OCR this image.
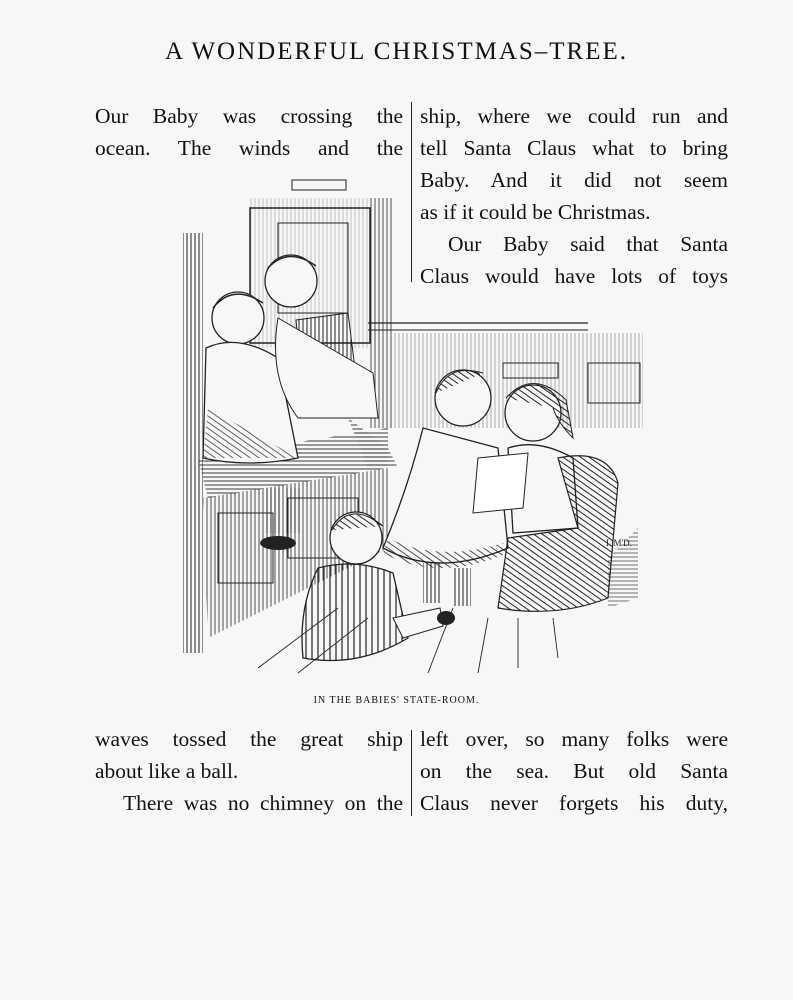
A WONDERFUL CHRISTMAS–TREE.

Our Baby was crossing the

ocean. The winds and the

ship, where we could run and

tell Santa Claus what to bring

Baby. And it did not seem

as if it could be Christmas.

Our Baby said that Santa

Claus would have lots of toys

I. M'D.
IN THE BABIES' STATE-ROOM.

waves tossed the great ship

about like a ball.

There was no chimney on the

left over, so many folks were

on the sea. But old Santa

Claus never forgets his duty,
